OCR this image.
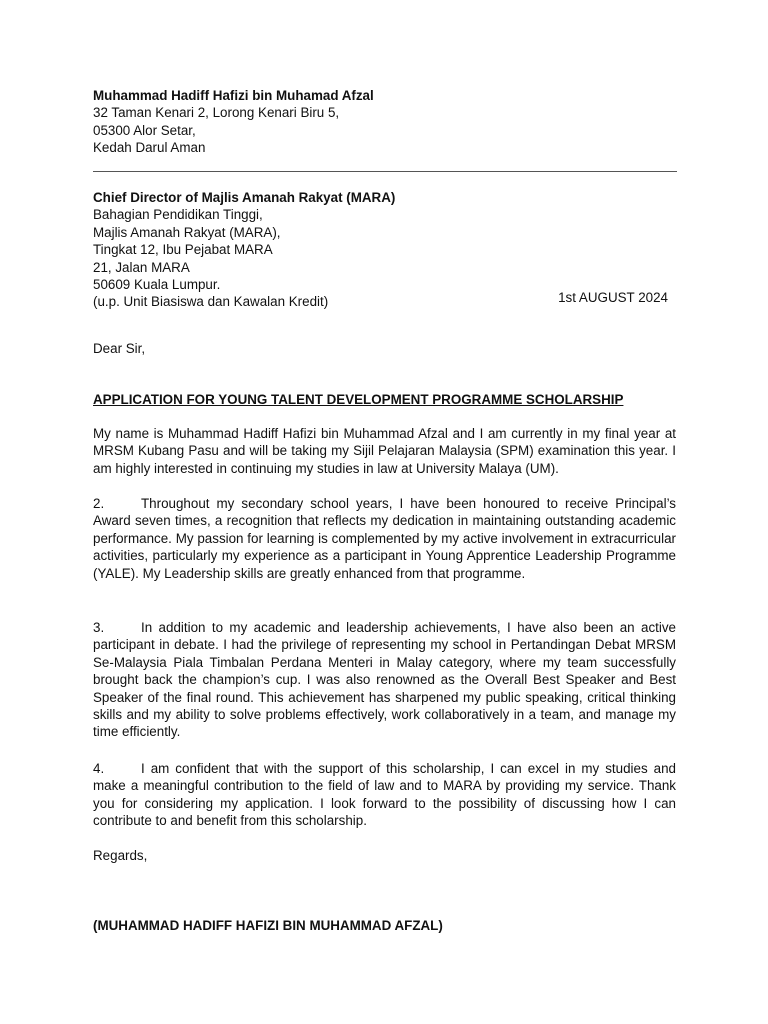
Muhammad Hadiff Hafizi bin Muhamad Afzal
32 Taman Kenari 2, Lorong Kenari Biru 5,
05300 Alor Setar,
Kedah Darul Aman
Chief Director of Majlis Amanah Rakyat (MARA)
Bahagian Pendidikan Tinggi,
Majlis Amanah Rakyat (MARA),
Tingkat 12, Ibu Pejabat MARA
21, Jalan MARA
50609 Kuala Lumpur.
(u.p. Unit Biasiswa dan Kawalan Kredit)	1st AUGUST 2024
Dear Sir,
APPLICATION FOR YOUNG TALENT DEVELOPMENT PROGRAMME SCHOLARSHIP

My name is Muhammad Hadiff Hafizi bin Muhammad Afzal and I am currently in my final year at MRSM Kubang Pasu and will be taking my Sijil Pelajaran Malaysia (SPM) examination this year. I am highly interested in continuing my studies in law at University Malaya (UM).

2.	Throughout my secondary school years, I have been honoured to receive Principal’s Award seven times, a recognition that reflects my dedication in maintaining outstanding academic performance. My passion for learning is complemented by my active involvement in extracurricular activities, particularly my experience as a participant in Young Apprentice Leadership Programme (YALE). My Leadership skills are greatly enhanced from that programme.

3.	In addition to my academic and leadership achievements, I have also been an active participant in debate. I had the privilege of representing my school in Pertandingan Debat MRSM Se-Malaysia Piala Timbalan Perdana Menteri in Malay category, where my team successfully brought back the champion’s cup. I was also renowned as the Overall Best Speaker and Best Speaker of the final round. This achievement has sharpened my public speaking, critical thinking skills and my ability to solve problems effectively, work collaboratively in a team, and manage my time efficiently.

4.	I am confident that with the support of this scholarship, I can excel in my studies and make a meaningful contribution to the field of law and to MARA by providing my service. Thank you for considering my application. I look forward to the possibility of discussing how I can contribute to and benefit from this scholarship.

Regards,
(MUHAMMAD HADIFF HAFIZI BIN MUHAMMAD AFZAL)
